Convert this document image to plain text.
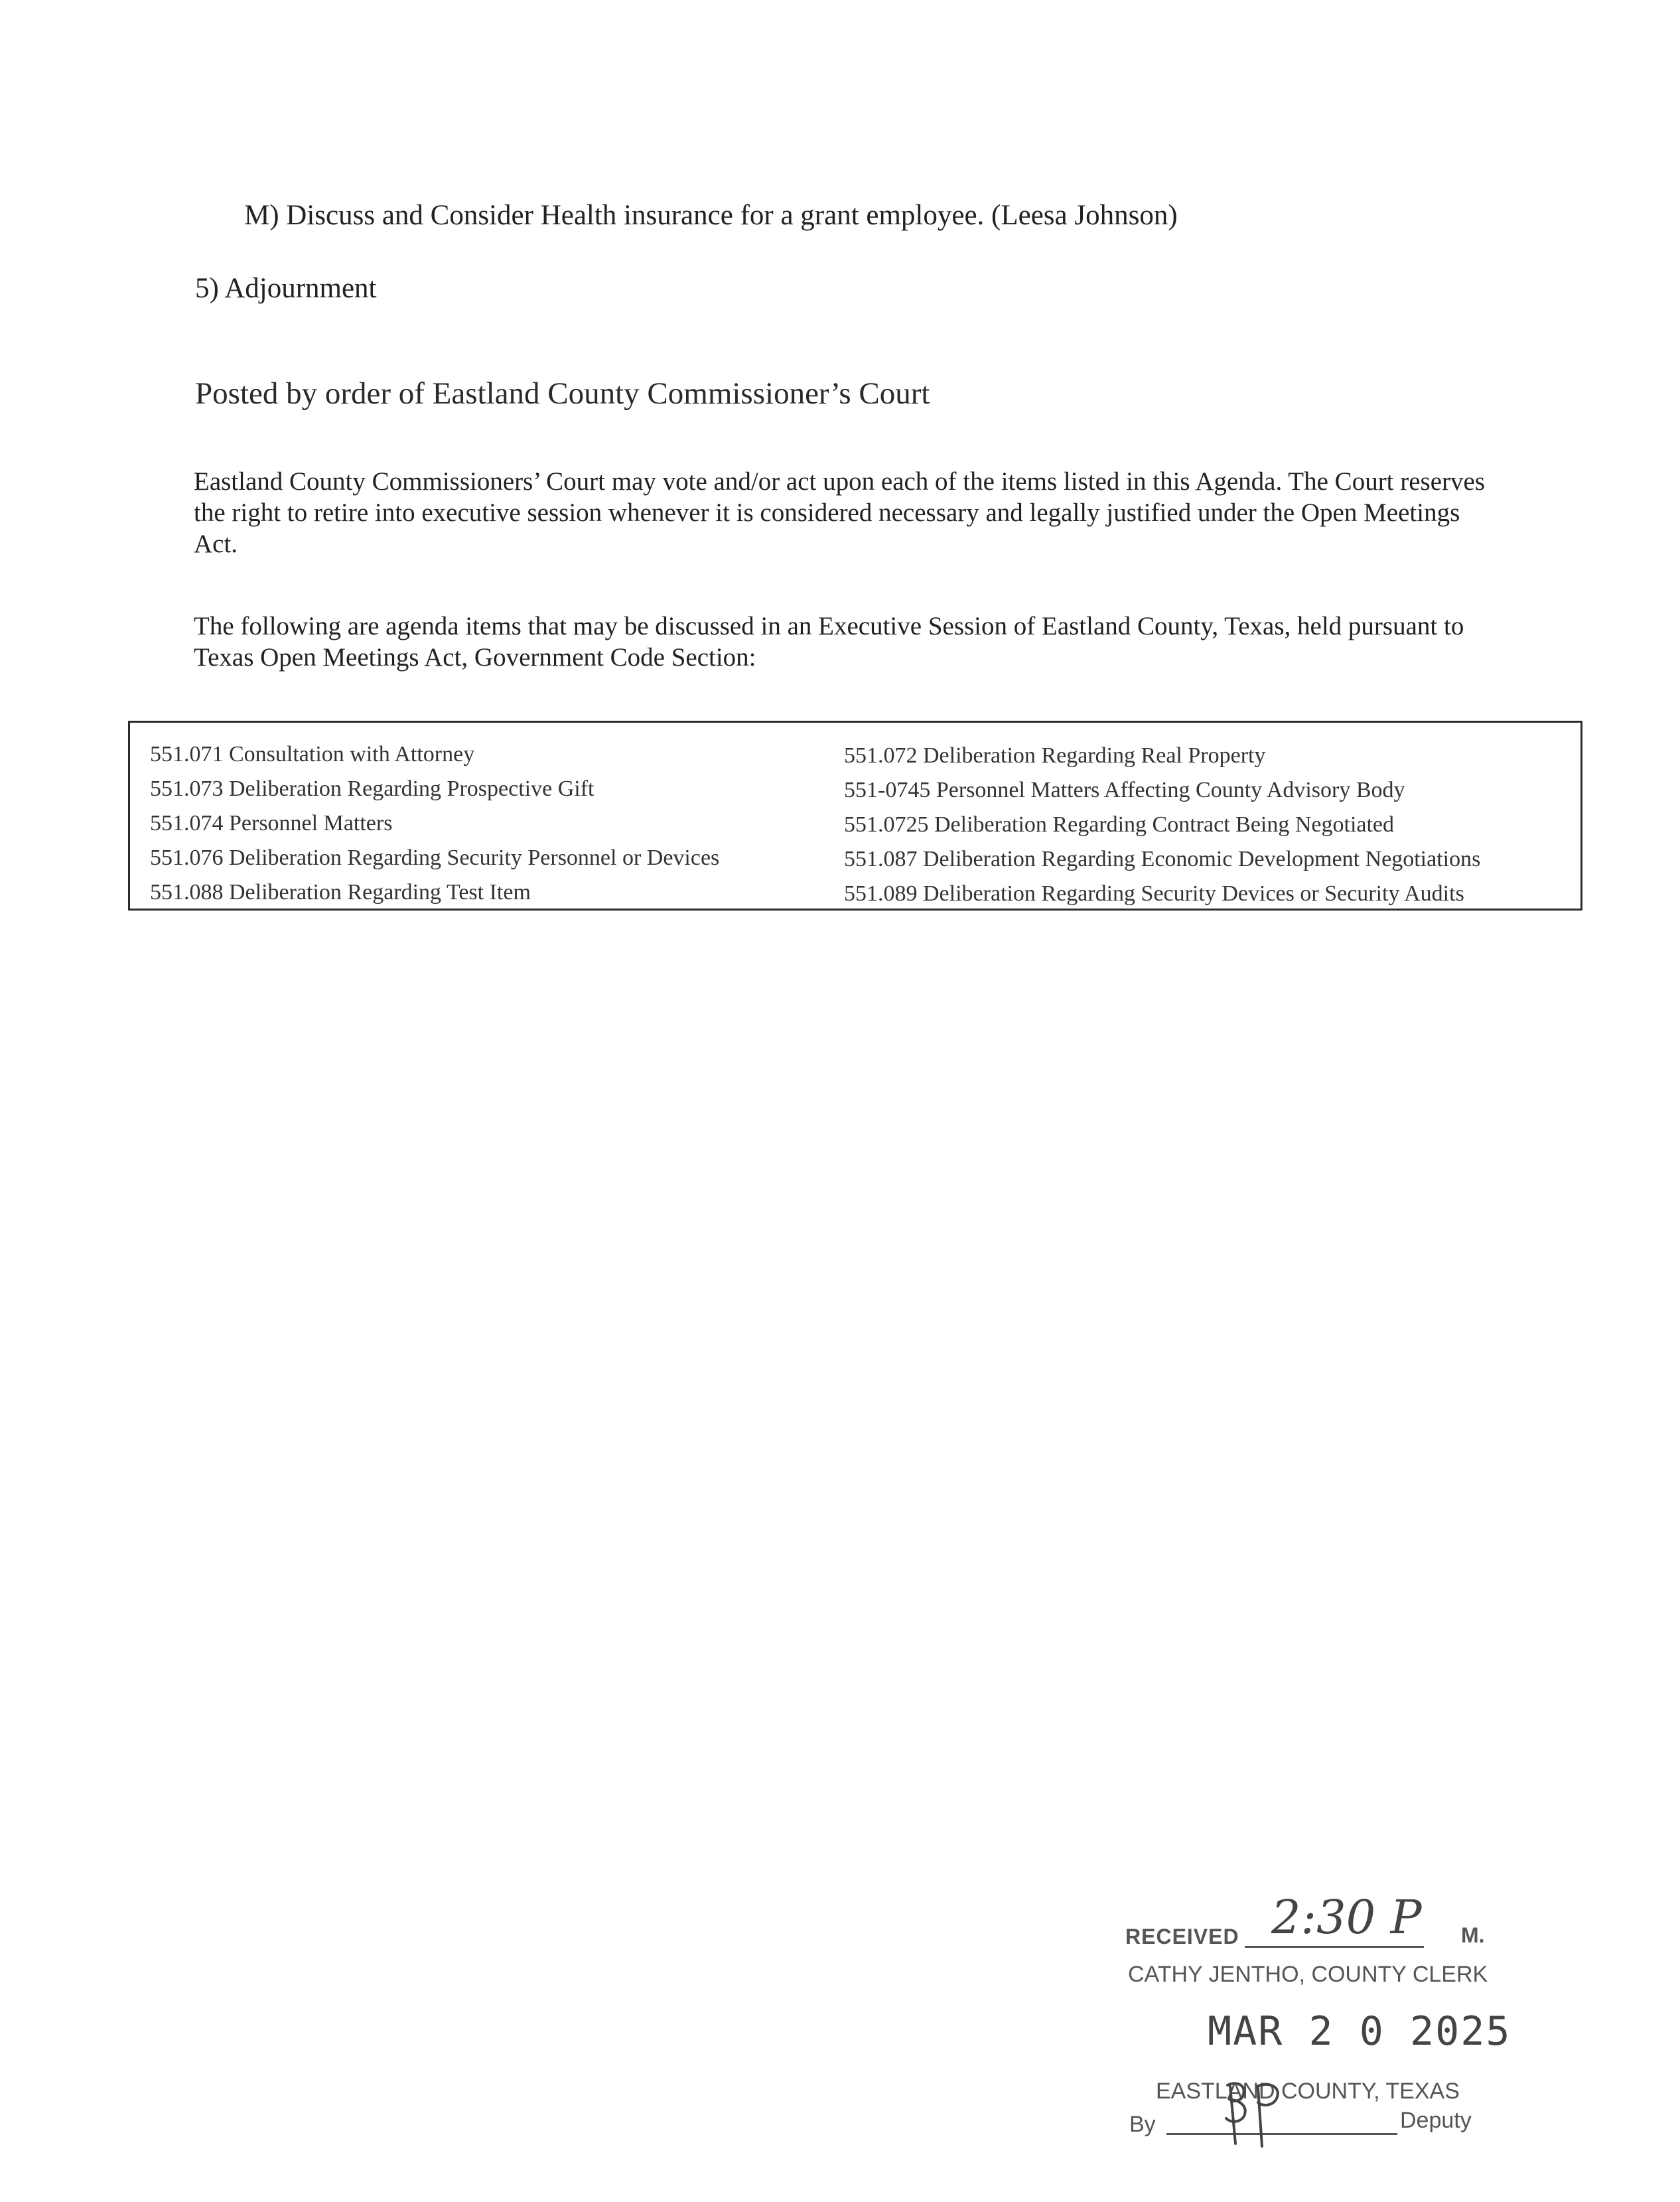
M) Discuss and Consider Health insurance for a grant employee. (Leesa Johnson)
5) Adjournment
Posted by order of Eastland County Commissioner’s Court
Eastland County Commissioners’ Court may vote and/or act upon each of the items listed in this Agenda. The Court reserves the right to retire into executive session whenever it is considered necessary and legally justified under the Open Meetings Act.
The following are agenda items that may be discussed in an Executive Session of Eastland County, Texas, held pursuant to Texas Open Meetings Act, Government Code Section:
551.071 Consultation with Attorney
551.073 Deliberation Regarding Prospective Gift
551.074 Personnel Matters
551.076 Deliberation Regarding Security Personnel or Devices
551.088 Deliberation Regarding Test Item
551.072 Deliberation Regarding Real Property
551-0745 Personnel Matters Affecting County Advisory Body
551.0725 Deliberation Regarding Contract Being Negotiated
551.087 Deliberation Regarding Economic Development Negotiations
551.089 Deliberation Regarding Security Devices or Security Audits
2:30 P
RECEIVED	M.
CATHY JENTHO, COUNTY CLERK
MAR 2 0 2025
EASTLAND COUNTY, TEXAS
By	Deputy
